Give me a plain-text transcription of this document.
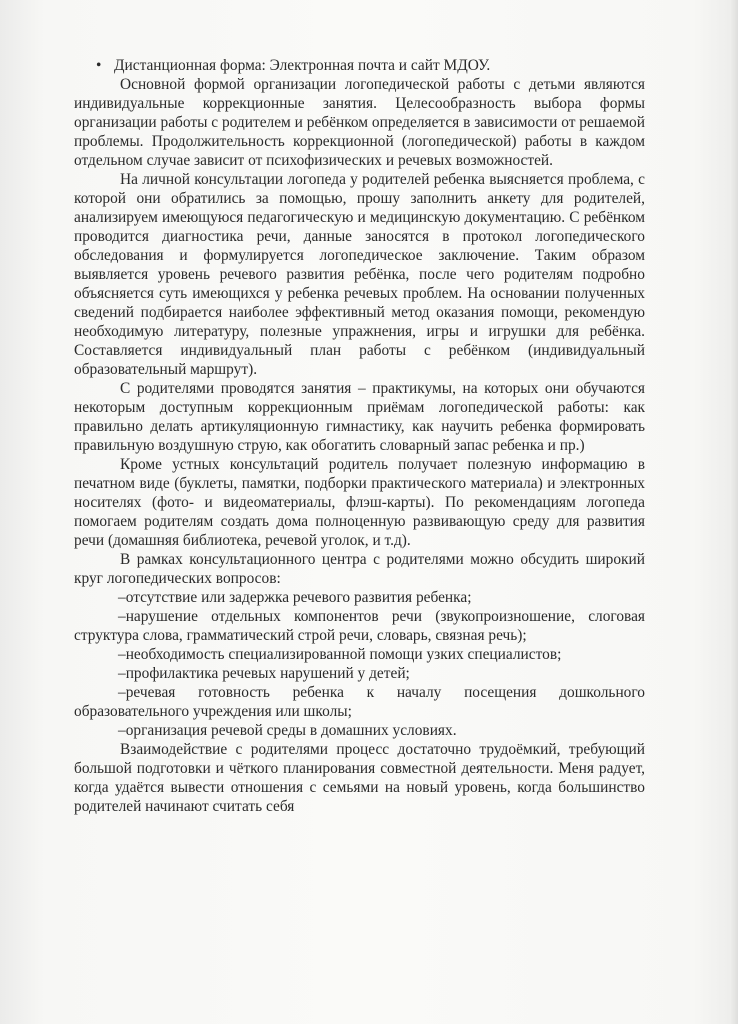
• Дистанционная форма: Электронная почта и сайт МДОУ.

Основной формой организации логопедической работы с детьми являются индивидуальные коррекционные занятия. Целесообразность выбора формы организации работы с родителем и ребёнком определяется в зависимости от решаемой проблемы. Продолжительность коррекционной (логопедической) работы в каждом отдельном случае зависит от психофизических и речевых возможностей.

На личной консультации логопеда у родителей ребенка выясняется проблема, с которой они обратились за помощью, прошу заполнить анкету для родителей, анализируем имеющуюся педагогическую и медицинскую документацию. С ребёнком проводится диагностика речи, данные заносятся в протокол логопедического обследования и формулируется логопедическое заключение. Таким образом выявляется уровень речевого развития ребёнка, после чего родителям подробно объясняется суть имеющихся у ребенка речевых проблем. На основании полученных сведений подбирается наиболее эффективный метод оказания помощи, рекомендую необходимую литературу, полезные упражнения, игры и игрушки для ребёнка. Составляется индивидуальный план работы с ребёнком (индивидуальный образовательный маршрут).

С родителями проводятся занятия – практикумы, на которых они обучаются некоторым доступным коррекционным приёмам логопедической работы: как правильно делать артикуляционную гимнастику, как научить ребенка формировать правильную воздушную струю, как обогатить словарный запас ребенка и пр.)

Кроме устных консультаций родитель получает полезную информацию в печатном виде (буклеты, памятки, подборки практического материала) и электронных носителях (фото- и видеоматериалы, флэш-карты). По рекомендациям логопеда помогаем родителям создать дома полноценную развивающую среду для развития речи (домашняя библиотека, речевой уголок, и т.д).

В рамках консультационного центра с родителями можно обсудить широкий круг логопедических вопросов:

–отсутствие или задержка речевого развития ребенка;

–нарушение отдельных компонентов речи (звукопроизношение, слоговая структура слова, грамматический строй речи, словарь, связная речь);

–необходимость специализированной помощи узких специалистов;

–профилактика речевых нарушений у детей;

–речевая готовность ребенка к началу посещения дошкольного образовательного учреждения или школы;

–организация речевой среды в домашних условиях.

Взаимодействие с родителями процесс достаточно трудоёмкий, требующий большой подготовки и чёткого планирования совместной деятельности. Меня радует, когда удаётся вывести отношения с семьями на новый уровень, когда большинство родителей начинают считать себя
